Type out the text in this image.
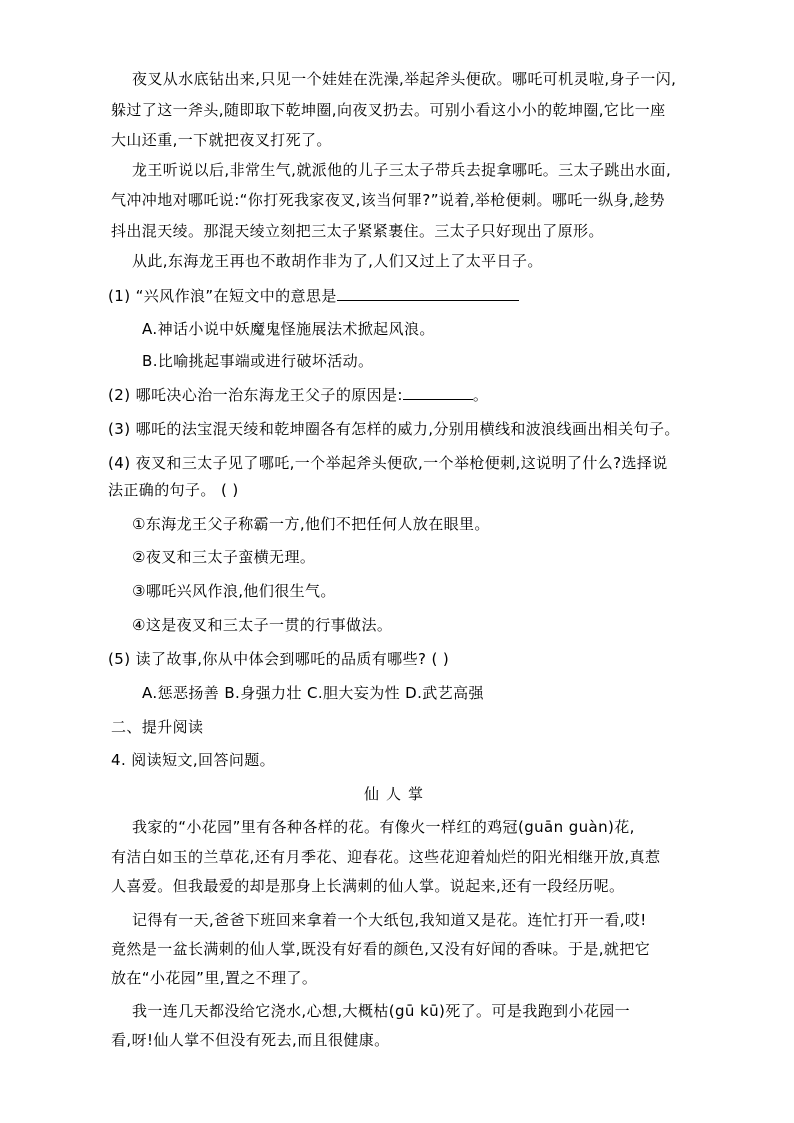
夜叉从水底钻出来,只见一个娃娃在洗澡,举起斧头便砍。哪吒可机灵啦,身子一闪,
躲过了这一斧头,随即取下乾坤圈,向夜叉扔去。可别小看这小小的乾坤圈,它比一座
大山还重,一下就把夜叉打死了。
龙王听说以后,非常生气,就派他的儿子三太子带兵去捉拿哪吒。三太子跳出水面,
气冲冲地对哪吒说:“你打死我家夜叉,该当何罪?”说着,举枪便刺。哪吒一纵身,趁势
抖出混天绫。那混天绫立刻把三太子紧紧裹住。三太子只好现出了原形。
从此,东海龙王再也不敢胡作非为了,人们又过上了太平日子。
(1) “兴风作浪”在短文中的意思是
A.神话小说中妖魔鬼怪施展法术掀起风浪。
B.比喻挑起事端或进行破坏活动。
(2) 哪吒决心治一治东海龙王父子的原因是:	。
(3) 哪吒的法宝混天绫和乾坤圈各有怎样的威力,分别用横线和波浪线画出相关句子。
(4) 夜叉和三太子见了哪吒,一个举起斧头便砍,一个举枪便刺,这说明了什么?选择说
法正确的句子。 ( )
①东海龙王父子称霸一方,他们不把任何人放在眼里。
②夜叉和三太子蛮横无理。
③哪吒兴风作浪,他们很生气。
④这是夜叉和三太子一贯的行事做法。
(5) 读了故事,你从中体会到哪吒的品质有哪些? ( )
A.惩恶扬善 B.身强力壮 C.胆大妄为性 D.武艺高强
二、提升阅读
4. 阅读短文,回答问题。
仙人掌
我家的“小花园”里有各种各样的花。有像火一样红的鸡冠(guān guàn)花,
有洁白如玉的兰草花,还有月季花、迎春花。这些花迎着灿烂的阳光相继开放,真惹
人喜爱。但我最爱的却是那身上长满刺的仙人掌。说起来,还有一段经历呢。
记得有一天,爸爸下班回来拿着一个大纸包,我知道又是花。连忙打开一看,哎!
竟然是一盆长满刺的仙人掌,既没有好看的颜色,又没有好闻的香味。于是,就把它
放在“小花园”里,置之不理了。
我一连几天都没给它浇水,心想,大概枯(gū kū)死了。可是我跑到小花园一
看,呀!仙人掌不但没有死去,而且很健康。
